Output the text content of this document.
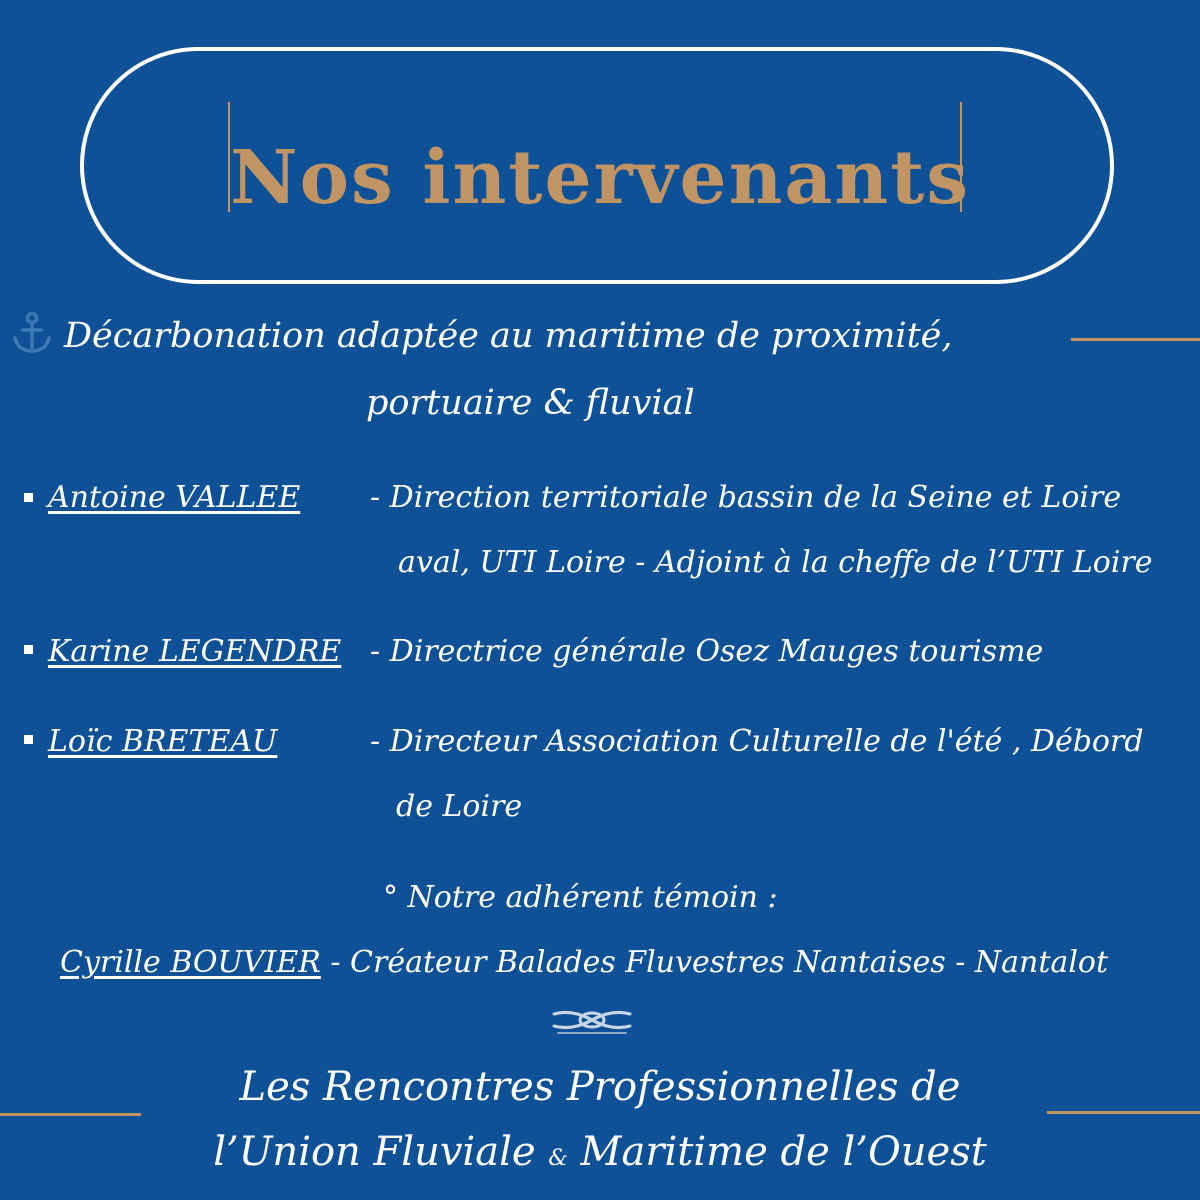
Nos intervenants
Décarbonation adaptée au maritime de proximité,
portuaire & fluvial
Antoine VALLEE - Direction territoriale bassin de la Seine et Loire
aval, UTI Loire - Adjoint à la cheffe de l’UTI Loire
Karine LEGENDRE - Directrice générale Osez Mauges tourisme
Loïc BRETEAU	- Directeur Association Culturelle de l'été , Débord
de Loire
° Notre adhérent témoin :
Cyrille BOUVIER - Créateur Balades Fluvestres Nantaises - Nantalot
Les Rencontres Professionnelles de
l’Union Fluviale & Maritime de l’Ouest
